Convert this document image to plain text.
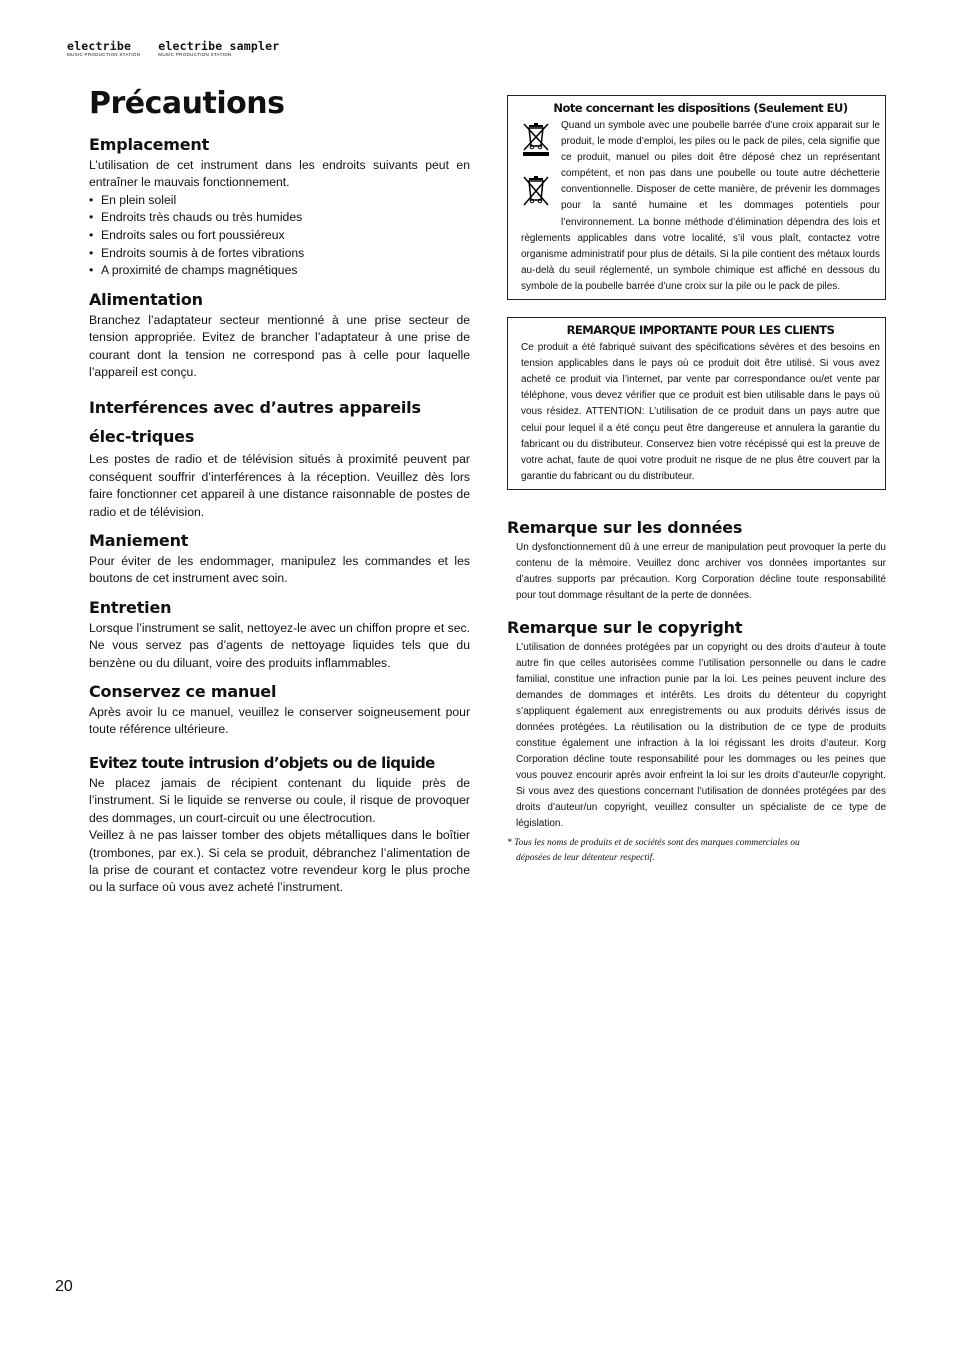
electribe
MUSIC PRODUCTION STATION
electribe sampler
MUSIC PRODUCTION STATION
Précautions
Emplacement

L’utilisation de cet instrument dans les endroits suivants peut en entraîner le mauvais fonctionnement.

• En plein soleil
• Endroits très chauds ou très humides
• Endroits sales ou fort poussiéreux
• Endroits soumis à de fortes vibrations
• A proximité de champs magnétiques
Alimentation

Branchez l’adaptateur secteur mentionné à une prise secteur de tension appropriée. Evitez de brancher l’adaptateur à une prise de courant dont la tension ne correspond pas à celle pour laquelle l’appareil est conçu.

Interférences avec d’autres appareils élec-triques

Les postes de radio et de télévision situés à proximité peuvent par conséquent souffrir d’interférences à la réception. Veuillez dès lors faire fonctionner cet appareil à une distance raisonnable de postes de radio et de télévision.

Maniement

Pour éviter de les endommager, manipulez les commandes et les boutons de cet instrument avec soin.

Entretien

Lorsque l’instrument se salit, nettoyez-le avec un chiffon propre et sec. Ne vous servez pas d’agents de nettoyage liquides tels que du benzène ou du diluant, voire des produits inflammables.

Conservez ce manuel

Après avoir lu ce manuel, veuillez le conserver soigneusement pour toute référence ultérieure.

Evitez toute intrusion d’objets ou de liquide

Ne placez jamais de récipient contenant du liquide près de l’instrument. Si le liquide se renverse ou coule, il risque de provoquer des dommages, un court-circuit ou une électrocution.

Veillez à ne pas laisser tomber des objets métalliques dans le boîtier (trombones, par ex.). Si cela se produit, débranchez l’alimentation de la prise de courant et contactez votre revendeur korg le plus proche ou la surface où vous avez acheté l’instrument.

Note concernant les dispositions (Seulement EU)

Quand un symbole avec une poubelle barrée d’une croix apparait sur le produit, le mode d’emploi, les piles ou le pack de piles, cela signifie que ce produit, manuel ou piles doit être déposé chez un représentant compétent, et non pas dans une poubelle ou toute autre déchetterie conventionnelle. Disposer de cette manière, de prévenir les dommages pour la santé humaine et les dommages potentiels pour l’environnement. La bonne méthode d’élimination dépendra des lois et règlements applicables dans votre localité, s’il vous plaît, contactez votre organisme administratif pour plus de détails. Si la pile contient des métaux lourds au-delà du seuil réglementé, un symbole chimique est affiché en dessous du symbole de la poubelle barrée d’une croix sur la pile ou le pack de piles.

REMARQUE IMPORTANTE POUR LES CLIENTS

Ce produit a été fabriqué suivant des spécifications sévères et des besoins en tension applicables dans le pays où ce produit doit être utilisé. Si vous avez acheté ce produit via l’internet, par vente par correspondance ou/et vente par téléphone, vous devez vérifier que ce produit est bien utilisable dans le pays où vous résidez. ATTENTION: L’utilisation de ce produit dans un pays autre que celui pour lequel il a été conçu peut être dangereuse et annulera la garantie du fabricant ou du distributeur. Conservez bien votre récépissé qui est la preuve de votre achat, faute de quoi votre produit ne risque de ne plus être couvert par la garantie du fabricant ou du distributeur.

Remarque sur les données

Un dysfonctionnement dû à une erreur de manipulation peut provoquer la perte du contenu de la mémoire. Veuillez donc archiver vos données importantes sur d’autres supports par précaution. Korg Corporation décline toute responsabilité pour tout dommage résultant de la perte de données.

Remarque sur le copyright

L’utilisation de données protégées par un copyright ou des droits d’auteur à toute autre fin que celles autorisées comme l’utilisation personnelle ou dans le cadre familial, constitue une infraction punie par la loi. Les peines peuvent inclure des demandes de dommages et intérêts. Les droits du détenteur du copyright s’appliquent également aux enregistrements ou aux produits dérivés issus de données protégées. La réutilisation ou la distribution de ce type de produits constitue également une infraction à la loi régissant les droits d’auteur. Korg Corporation décline toute responsabilité pour les dommages ou les peines que vous pouvez encourir après avoir enfreint la loi sur les droits d’auteur/le copyright. Si vous avez des questions concernant l’utilisation de données protégées par des droits d’auteur/un copyright, veuillez consulter un spécialiste de ce type de législation.

* Tous les noms de produits et de sociétés sont des marques commerciales ou
déposées de leur détenteur respectif.
20
